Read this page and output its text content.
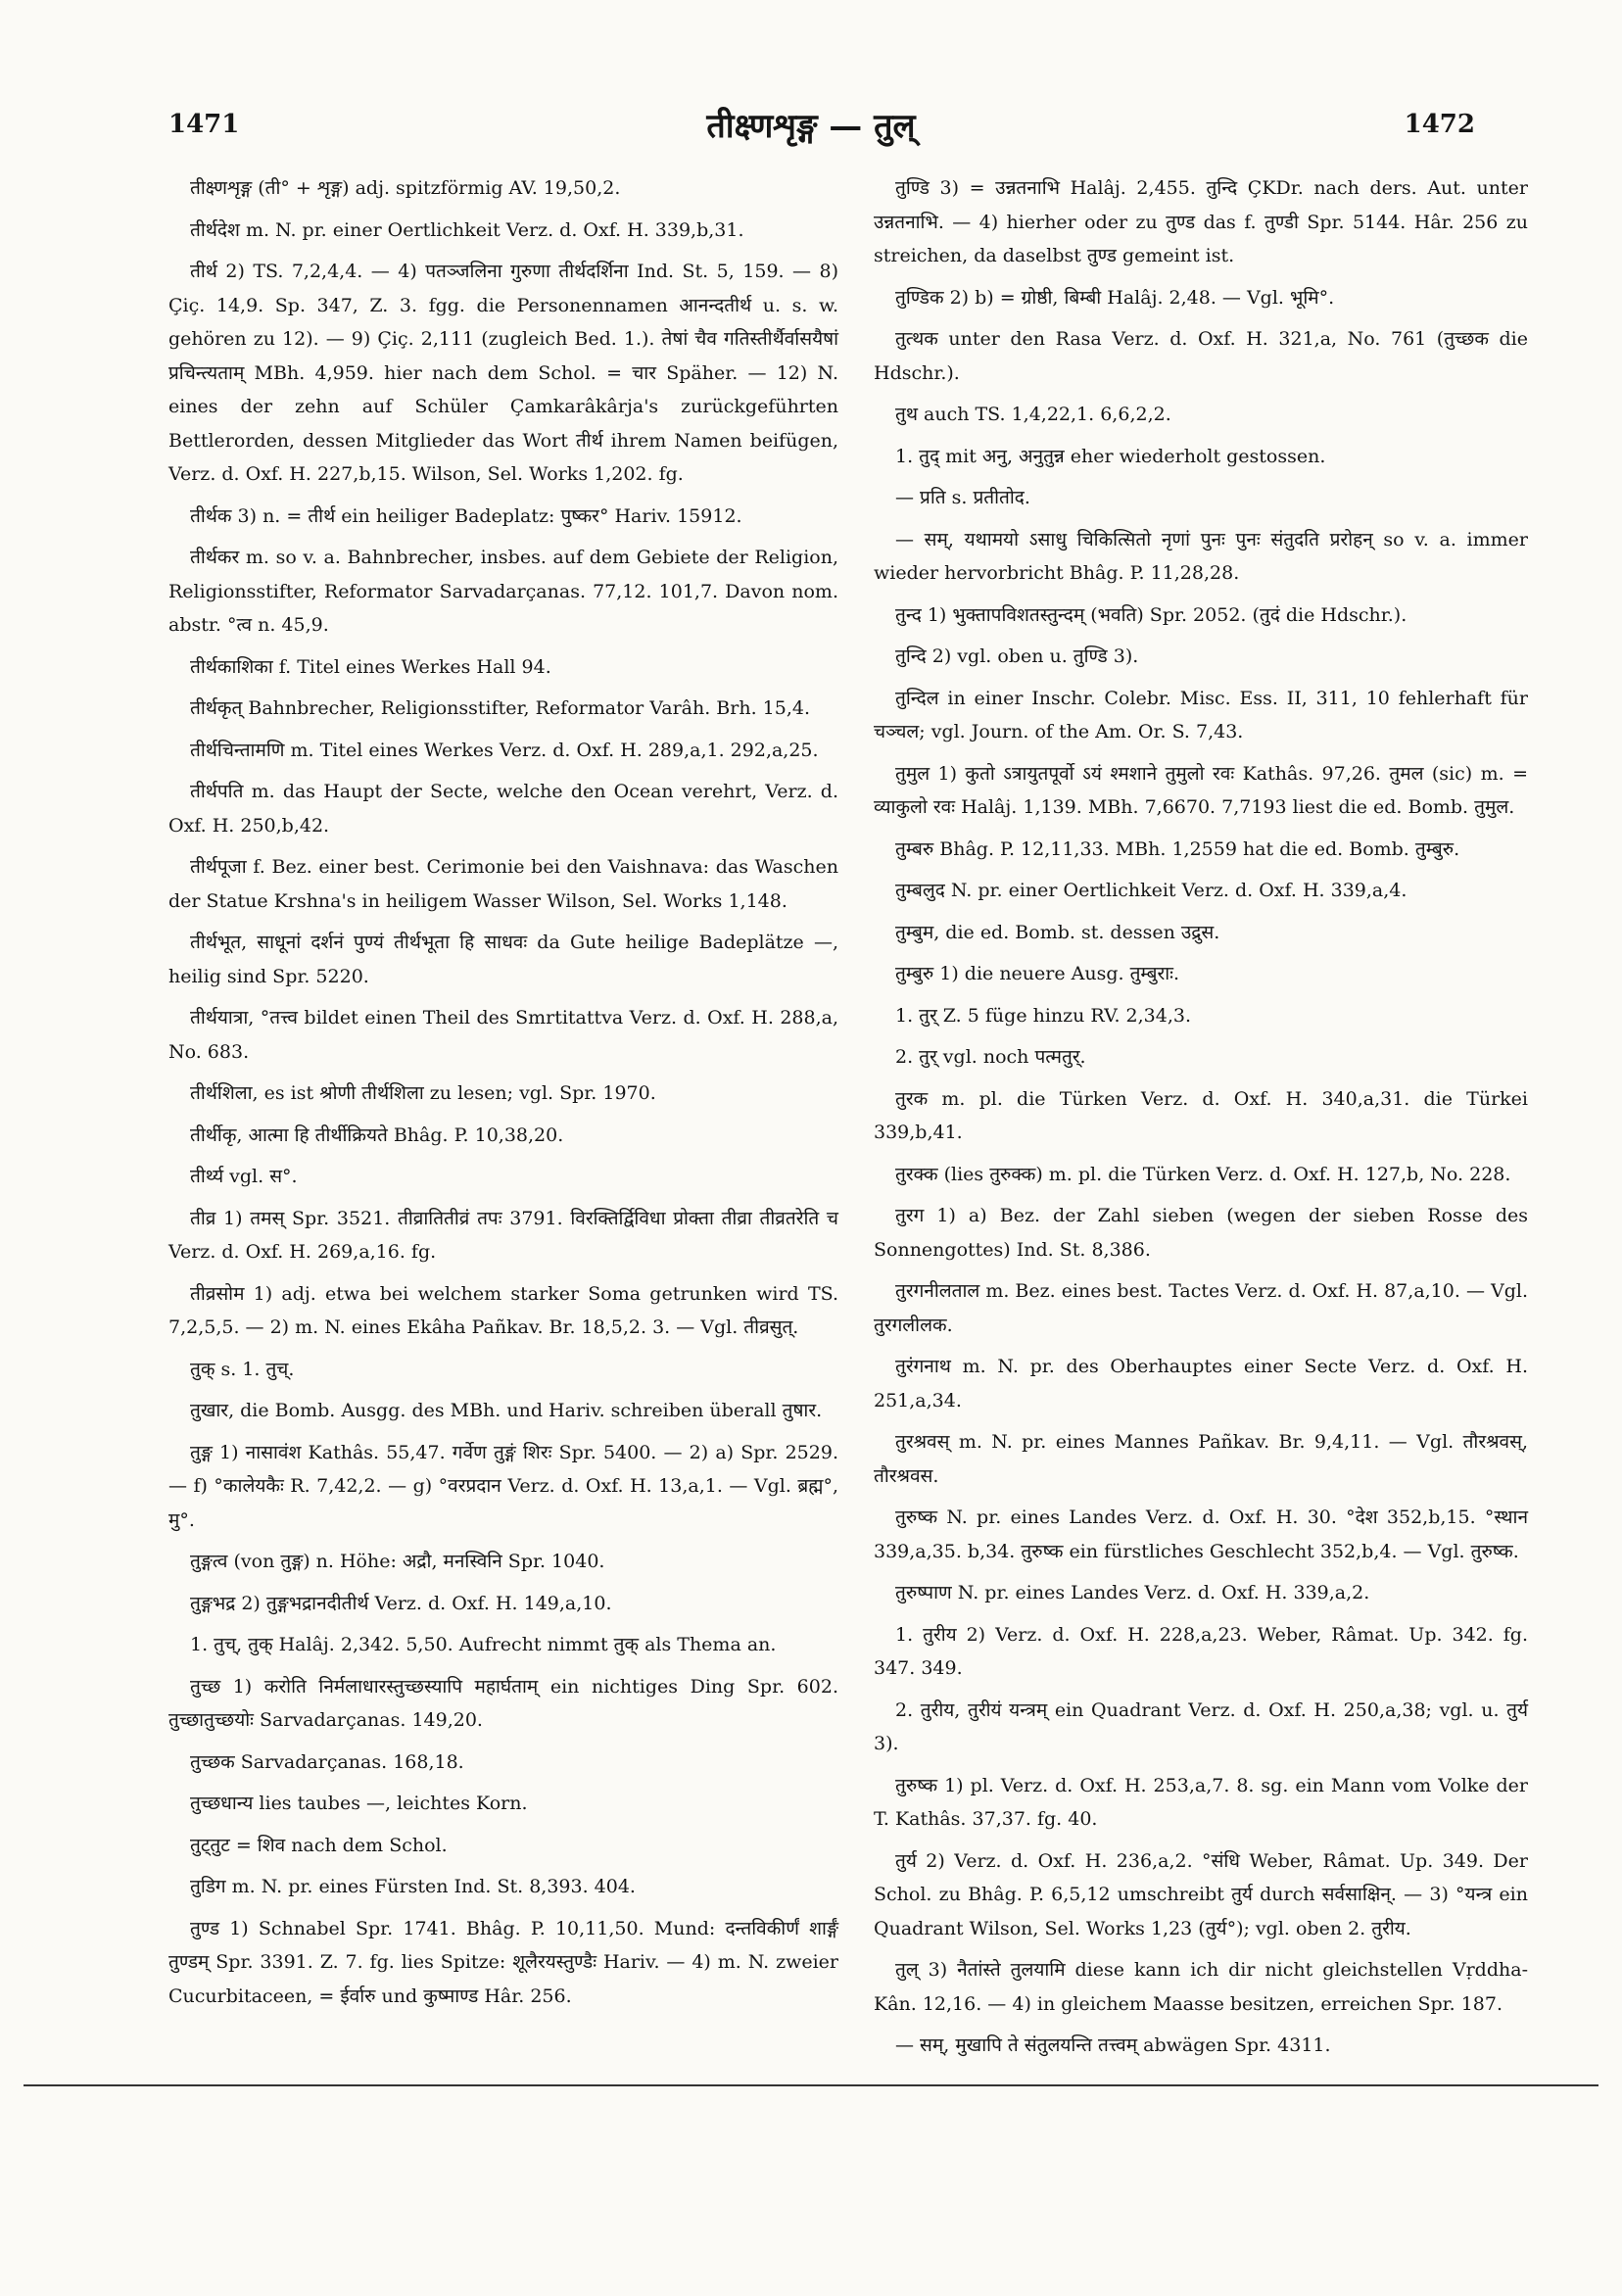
1471	तीक्ष्णशृङ्ग — तुल्	1472

तीक्ष्णशृङ्ग (ती° + शृङ्ग) adj. spitzförmig AV. 19,50,2.

तीर्थदेश m. N. pr. einer Oertlichkeit Verz. d. Oxf. H. 339,b,31.

तीर्थ 2) TS. 7,2,4,4. — 4) पतञ्जलिना गुरुणा तीर्थदर्शिना Ind. St. 5, 159. — 8) Çiç. 14,9. Sp. 347, Z. 3. fgg. die Personennamen आनन्दतीर्थ u. s. w. gehören zu 12). — 9) Çiç. 2,111 (zugleich Bed. 1.). तेषां चैव गतिस्तीर्थैर्वासयैषां प्रचिन्त्यताम् MBh. 4,959. hier nach dem Schol. = चार Späher. — 12) N. eines der zehn auf Schüler Çamkarâkârja's zurückgeführten Bettlerorden, dessen Mitglieder das Wort तीर्थ ihrem Namen beifügen, Verz. d. Oxf. H. 227,b,15. Wilson, Sel. Works 1,202. fg.

तीर्थक 3) n. = तीर्थ ein heiliger Badeplatz: पुष्कर° Hariv. 15912.

तीर्थकर m. so v. a. Bahnbrecher, insbes. auf dem Gebiete der Religion, Religionsstifter, Reformator Sarvadarçanas. 77,12. 101,7. Davon nom. abstr. °त्व n. 45,9.

तीर्थकाशिका f. Titel eines Werkes Hall 94.

तीर्थकृत् Bahnbrecher, Religionsstifter, Reformator Varâh. Brh. 15,4.

तीर्थचिन्तामणि m. Titel eines Werkes Verz. d. Oxf. H. 289,a,1. 292,a,25.

तीर्थपति m. das Haupt der Secte, welche den Ocean verehrt, Verz. d. Oxf. H. 250,b,42.

तीर्थपूजा f. Bez. einer best. Cerimonie bei den Vaishnava: das Waschen der Statue Krshna's in heiligem Wasser Wilson, Sel. Works 1,148.

तीर्थभूत, साधूनां दर्शनं पुण्यं तीर्थभूता हि साधवः da Gute heilige Badeplätze —, heilig sind Spr. 5220.

तीर्थयात्रा, °तत्त्व bildet einen Theil des Smrtitattva Verz. d. Oxf. H. 288,a, No. 683.

तीर्थशिला, es ist श्रोणी तीर्थशिला zu lesen; vgl. Spr. 1970.

तीर्थीकृ, आत्मा हि तीर्थीक्रियते Bhâg. P. 10,38,20.

तीर्थ्य vgl. स°.

तीव्र 1) तमस् Spr. 3521. तीव्रातितीव्रं तपः 3791. विरक्तिर्द्विविधा प्रोक्ता तीव्रा तीव्रतरेति च Verz. d. Oxf. H. 269,a,16. fg.

तीव्रसोम 1) adj. etwa bei welchem starker Soma getrunken wird TS. 7,2,5,5. — 2) m. N. eines Ekâha Pañkav. Br. 18,5,2. 3. — Vgl. तीव्रसुत्.

तुक् s. 1. तुच्.

तुखार, die Bomb. Ausgg. des MBh. und Hariv. schreiben überall तुषार.

तुङ्ग 1) नासावंश Kathâs. 55,47. गर्वेण तुङ्गं शिरः Spr. 5400. — 2) a) Spr. 2529. — f) °कालेयकैः R. 7,42,2. — g) °वरप्रदान Verz. d. Oxf. H. 13,a,1. — Vgl. ब्रह्म°, मु°.

तुङ्गत्व (von तुङ्ग) n. Höhe: अद्रौ, मनस्विनि Spr. 1040.

तुङ्गभद्र 2) तुङ्गभद्रानदीतीर्थ Verz. d. Oxf. H. 149,a,10.

1. तुच्, तुक् Halâj. 2,342. 5,50. Aufrecht nimmt तुक् als Thema an.

तुच्छ 1) करोति निर्मलाधारस्तुच्छस्यापि महार्घताम् ein nichtiges Ding Spr. 602. तुच्छातुच्छयोः Sarvadarçanas. 149,20.

तुच्छक Sarvadarçanas. 168,18.

तुच्छधान्य lies taubes —, leichtes Korn.

तुट्तुट = शिव nach dem Schol.

तुडिग m. N. pr. eines Fürsten Ind. St. 8,393. 404.

तुण्ड 1) Schnabel Spr. 1741. Bhâg. P. 10,11,50. Mund: दन्तविकीर्णं शार्ङ्गं तुण्डम् Spr. 3391. Z. 7. fg. lies Spitze: शूलैरयस्तुण्डैः Hariv. — 4) m. N. zweier Cucurbitaceen, = ईर्वारु und कुष्माण्ड Hâr. 256.

तुण्डि 3) = उन्नतनाभि Halâj. 2,455. तुन्दि ÇKDr. nach ders. Aut. unter उन्नतनाभि. — 4) hierher oder zu तुण्ड das f. तुण्डी Spr. 5144. Hâr. 256 zu streichen, da daselbst तुण्ड gemeint ist.

तुण्डिक 2) b) = ग्रोष्ठी, बिम्बी Halâj. 2,48. — Vgl. भूमि°.

तुत्थक unter den Rasa Verz. d. Oxf. H. 321,a, No. 761 (तुच्छक die Hdschr.).

तुथ auch TS. 1,4,22,1. 6,6,2,2.

1. तुद् mit अनु, अनुतुन्न eher wiederholt gestossen.

— प्रति s. प्रतीतोद.

— सम्, यथामयो ऽसाधु चिकित्सितो नृणां पुनः पुनः संतुदति प्ररोहन् so v. a. immer wieder hervorbricht Bhâg. P. 11,28,28.

तुन्द 1) भुक्तापविशतस्तुन्दम् (भवति) Spr. 2052. (तुदं die Hdschr.).

तुन्दि 2) vgl. oben u. तुण्डि 3).

तुन्दिल in einer Inschr. Colebr. Misc. Ess. II, 311, 10 fehlerhaft für चञ्चल; vgl. Journ. of the Am. Or. S. 7,43.

तुमुल 1) कुतो ऽत्रायुतपूर्वो ऽयं श्मशाने तुमुलो रवः Kathâs. 97,26. तुमल (sic) m. = व्याकुलो रवः Halâj. 1,139. MBh. 7,6670. 7,7193 liest die ed. Bomb. तुमुल.

तुम्बरु Bhâg. P. 12,11,33. MBh. 1,2559 hat die ed. Bomb. तुम्बुरु.

तुम्बलुद N. pr. einer Oertlichkeit Verz. d. Oxf. H. 339,a,4.

तुम्बुम, die ed. Bomb. st. dessen उद्रुस.

तुम्बुरु 1) die neuere Ausg. तुम्बुराः.

1. तुर् Z. 5 füge hinzu RV. 2,34,3.

2. तुर् vgl. noch पत्मतुर्.

तुरक m. pl. die Türken Verz. d. Oxf. H. 340,a,31. die Türkei 339,b,41.

तुरक्क (lies तुरुक्क) m. pl. die Türken Verz. d. Oxf. H. 127,b, No. 228.

तुरग 1) a) Bez. der Zahl sieben (wegen der sieben Rosse des Sonnengottes) Ind. St. 8,386.

तुरगनीलताल m. Bez. eines best. Tactes Verz. d. Oxf. H. 87,a,10. — Vgl. तुरगलीलक.

तुरंगनाथ m. N. pr. des Oberhauptes einer Secte Verz. d. Oxf. H. 251,a,34.

तुरश्रवस् m. N. pr. eines Mannes Pañkav. Br. 9,4,11. — Vgl. तौरश्रवस्, तौरश्रवस.

तुरुष्क N. pr. eines Landes Verz. d. Oxf. H. 30. °देश 352,b,15. °स्थान 339,a,35. b,34. तुरुष्क ein fürstliches Geschlecht 352,b,4. — Vgl. तुरुष्क.

तुरुष्पाण N. pr. eines Landes Verz. d. Oxf. H. 339,a,2.

1. तुरीय 2) Verz. d. Oxf. H. 228,a,23. Weber, Râmat. Up. 342. fg. 347. 349.

2. तुरीय, तुरीयं यन्त्रम् ein Quadrant Verz. d. Oxf. H. 250,a,38; vgl. u. तुर्य 3).

तुरुष्क 1) pl. Verz. d. Oxf. H. 253,a,7. 8. sg. ein Mann vom Volke der T. Kathâs. 37,37. fg. 40.

तुर्य 2) Verz. d. Oxf. H. 236,a,2. °संधि Weber, Râmat. Up. 349. Der Schol. zu Bhâg. P. 6,5,12 umschreibt तुर्य durch सर्वसाक्षिन्. — 3) °यन्त्र ein Quadrant Wilson, Sel. Works 1,23 (तुर्य°); vgl. oben 2. तुरीय.

तुल् 3) नैतांस्ते तुलयामि diese kann ich dir nicht gleichstellen Vṛddha-Kân. 12,16. — 4) in gleichem Maasse besitzen, erreichen Spr. 187.

— सम्, मुखापि ते संतुलयन्ति तत्त्वम् abwägen Spr. 4311.
